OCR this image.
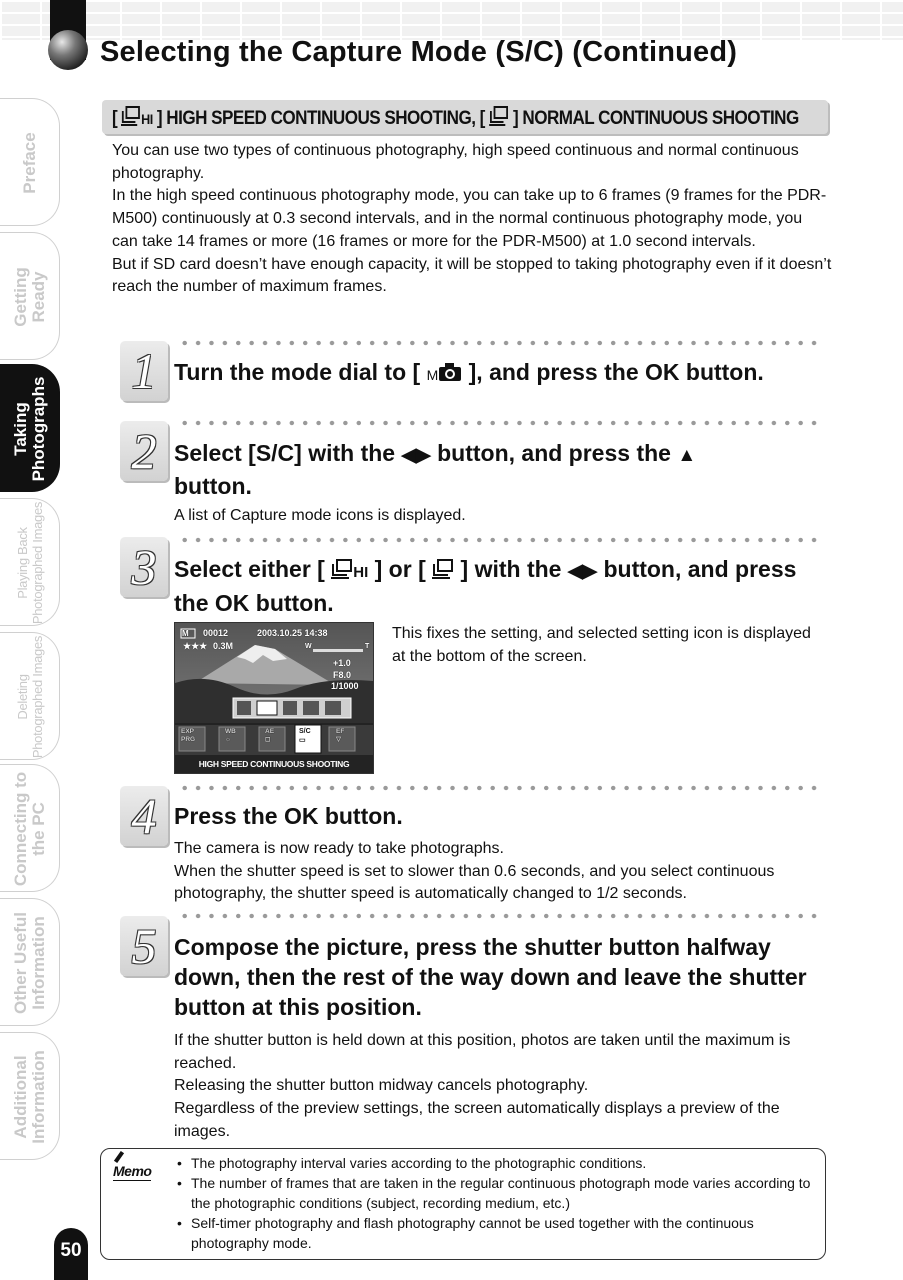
Selecting the Capture Mode (S/C) (Continued)
Preface
Getting
Ready
Taking
Photographs
Playing Back
Photographed Images
Deleting
Photographed Images
Connecting to
the PC
Other Useful
Information
Additional
Information
[ HI ] HIGH SPEED CONTINUOUS SHOOTING, [ ] NORMAL CONTINUOUS SHOOTING
You can use two types of continuous photography, high speed continuous and normal continuous photography.
In the high speed continuous photography mode, you can take up to 6 frames (9 frames for the PDR-M500) continuously at 0.3 second intervals, and in the normal continuous photography mode, you can take 14 frames or more (16 frames or more for the PDR-M500) at 1.0 second intervals.
But if SD card doesn’t have enough capacity, it will be stopped to taking photography even if it doesn’t reach the number of maximum frames.
1 Turn the mode dial to [ M ], and press the OK button.
2 Select [S/C] with the ◀▶ button, and press the ▲
button.
A list of Capture mode icons is displayed.
3 Select either [ HI ] or [ ] with the ◀▶ button, and press the OK button.
M 00012	2003.10.25 14:38
★★★ 0.3M	W	T
+1.0
F8.0
1/1000
EXP
PRG
WB
☼
AE
◻
S/C
▭
EF
▽
HIGH SPEED CONTINUOUS SHOOTING
This fixes the setting, and selected setting icon is displayed at the bottom of the screen.
4 Press the OK button.
The camera is now ready to take photographs.
When the shutter speed is set to slower than 0.6 seconds, and you select continuous photography, the shutter speed is automatically changed to 1/2 seconds.
5 Compose the picture, press the shutter button halfway down, then the rest of the way down and leave the shutter button at this position.
If the shutter button is held down at this position, photos are taken until the maximum is reached.
Releasing the shutter button midway cancels photography.
Regardless of the preview settings, the screen automatically displays a preview of the images.
Memo
•	The photography interval varies according to the photographic conditions.
• The number of frames that are taken in the regular continuous photograph mode varies according to the photographic conditions (subject, recording medium, etc.)
• Self-timer photography and flash photography cannot be used together with the continuous photography mode.
50
